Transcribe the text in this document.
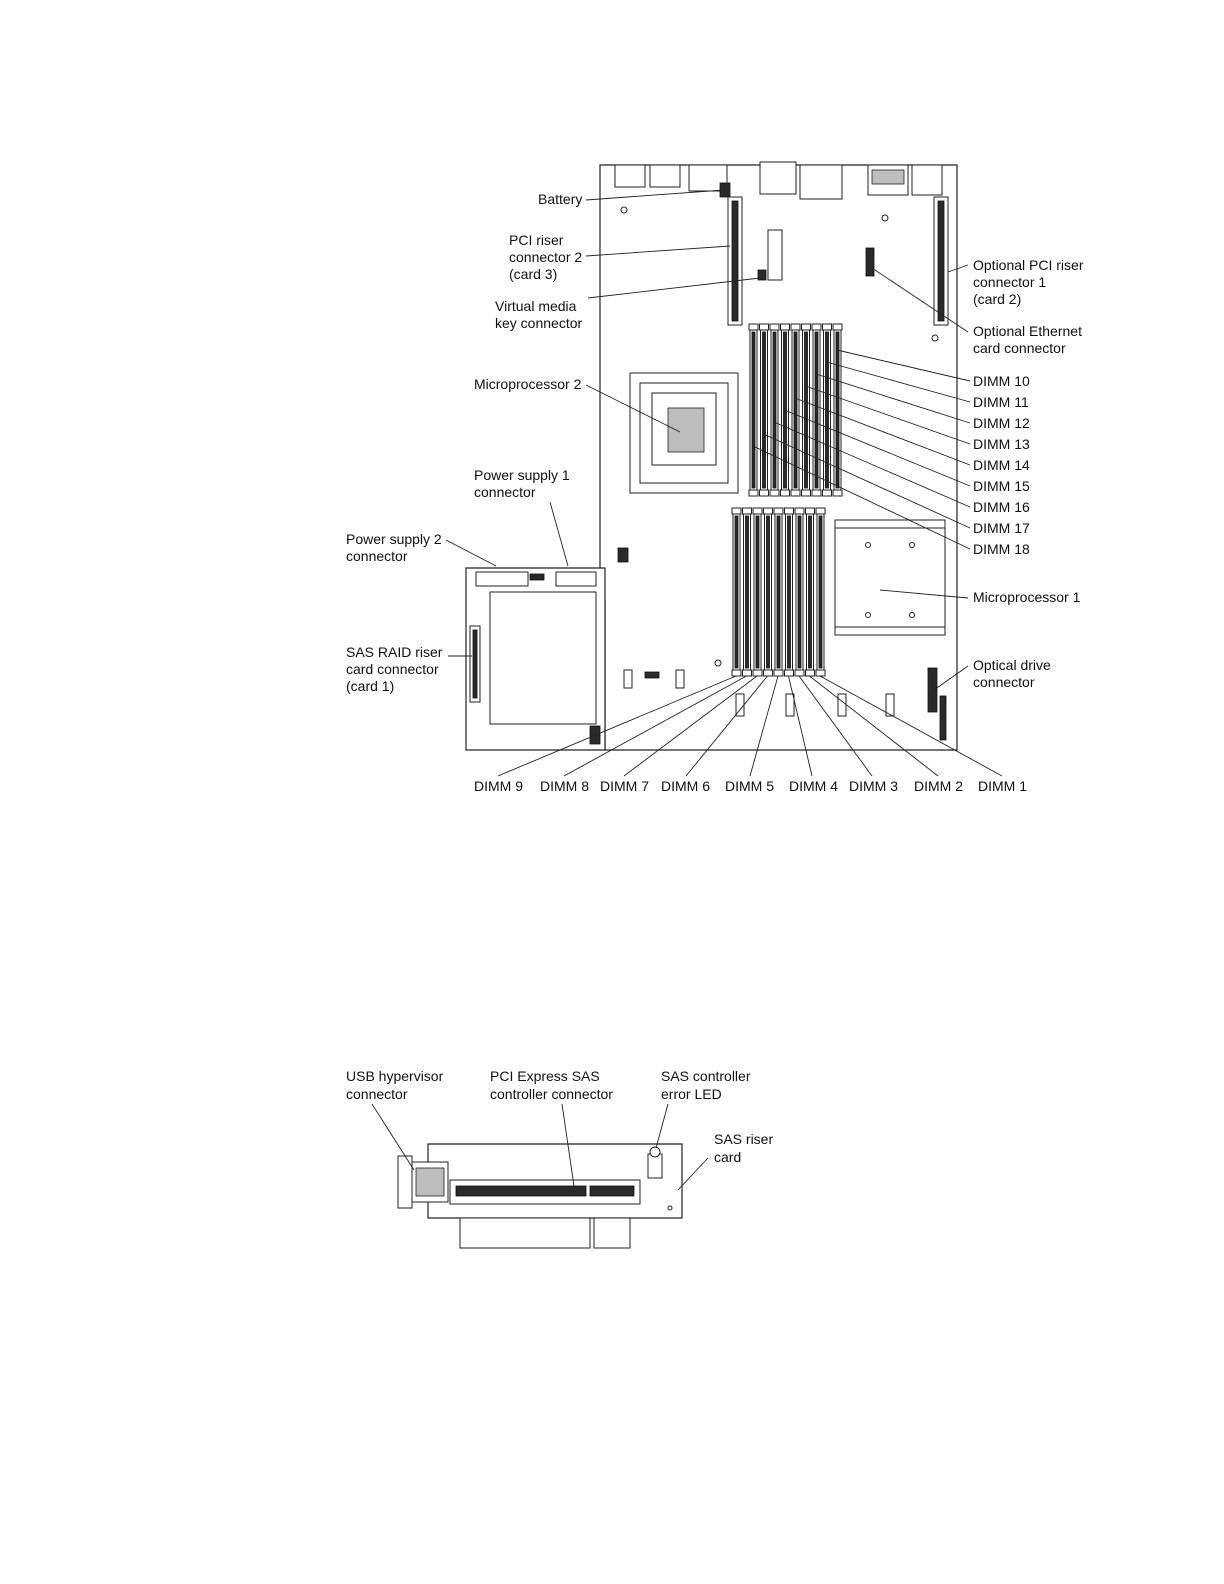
Battery
PCI riser connector 2 (card 3)
Virtual media key connector
Microprocessor 2
Power supply 1 connector
Power supply 2 connector
SAS RAID riser card connector (card 1)
Optional PCI riser connector 1 (card 2)
Optional Ethernet card connector
Microprocessor 1
Optical drive connector
DIMM 10
DIMM 11
DIMM 12
DIMM 13
DIMM 14
DIMM 15
DIMM 16
DIMM 17
DIMM 18
DIMM 9 DIMM 8 DIMM 7 DIMM 6 DIMM 5 DIMM 4 DIMM 3 DIMM 2 DIMM 1
USB hypervisor connector
PCI Express SAS controller connector
SAS controller error LED
SAS riser card
